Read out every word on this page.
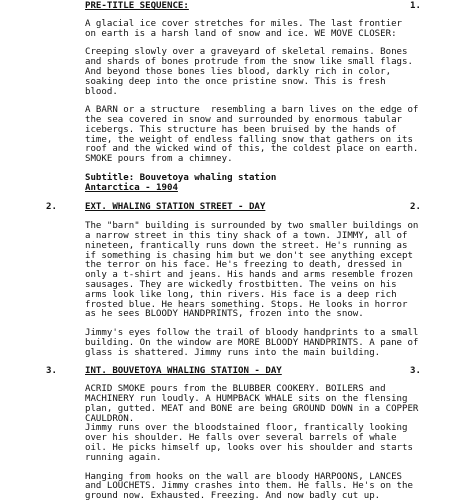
PRE-TITLE SEQUENCE:	1.
A glacial ice cover stretches for miles. The last frontier
on earth is a harsh land of snow and ice. WE MOVE CLOSER:
Creeping slowly over a graveyard of skeletal remains. Bones
and shards of bones protrude from the snow like small flags.
And beyond those bones lies blood, darkly rich in color,
soaking deep into the once pristine snow. This is fresh
blood.
A BARN or a structure  resembling a barn lives on the edge of
the sea covered in snow and surrounded by enormous tabular
icebergs. This structure has been bruised by the hands of
time, the weight of endless falling snow that gathers on its
roof and the wicked wind of this, the coldest place on earth.
SMOKE pours from a chimney.
Subtitle: Bouvetoya whaling station
Antarctica - 1904
2.	EXT. WHALING STATION STREET - DAY	2.
The "barn" building is surrounded by two smaller buildings on
a narrow street in this tiny shack of a town. JIMMY, all of
nineteen, frantically runs down the street. He's running as
if something is chasing him but we don't see anything except
the terror on his face. He's freezing to death, dressed in
only a t-shirt and jeans. His hands and arms resemble frozen
sausages. They are wickedly frostbitten. The veins on his
arms look like long, thin rivers. His face is a deep rich
frosted blue. He hears something. Stops. He looks in horror
as he sees BLOODY HANDPRINTS, frozen into the snow.
Jimmy's eyes follow the trail of bloody handprints to a small
building. On the window are MORE BLOODY HANDPRINTS. A pane of
glass is shattered. Jimmy runs into the main building.
3.	INT. BOUVETOYA WHALING STATION - DAY	3.
ACRID SMOKE pours from the BLUBBER COOKERY. BOILERS and
MACHINERY run loudly. A HUMPBACK WHALE sits on the flensing
plan, gutted. MEAT and BONE are being GROUND DOWN in a COPPER
CAULDRON.
Jimmy runs over the bloodstained floor, frantically looking
over his shoulder. He falls over several barrels of whale
oil. He picks himself up, looks over his shoulder and starts
running again.
Hanging from hooks on the wall are bloody HARPOONS, LANCES
and LOUCHETS. Jimmy crashes into them. He falls. He's on the
ground now. Exhausted. Freezing. And now badly cut up.
